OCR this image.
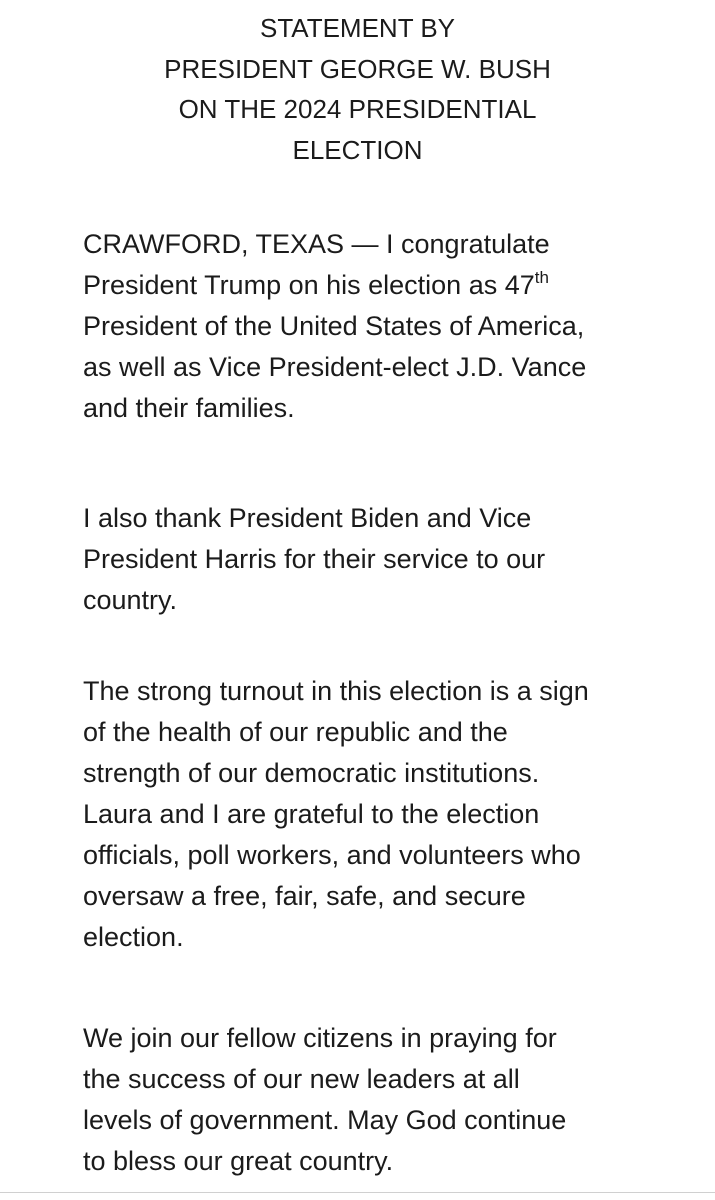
STATEMENT BY
PRESIDENT GEORGE W. BUSH
ON THE 2024 PRESIDENTIAL
ELECTION
CRAWFORD, TEXAS — I congratulate
President Trump on his election as 47th
President of the United States of America,
as well as Vice President-elect J.D. Vance
and their families.
I also thank President Biden and Vice
President Harris for their service to our
country.
The strong turnout in this election is a sign
of the health of our republic and the
strength of our democratic institutions.
Laura and I are grateful to the election
officials, poll workers, and volunteers who
oversaw a free, fair, safe, and secure
election.
We join our fellow citizens in praying for
the success of our new leaders at all
levels of government. May God continue
to bless our great country.
